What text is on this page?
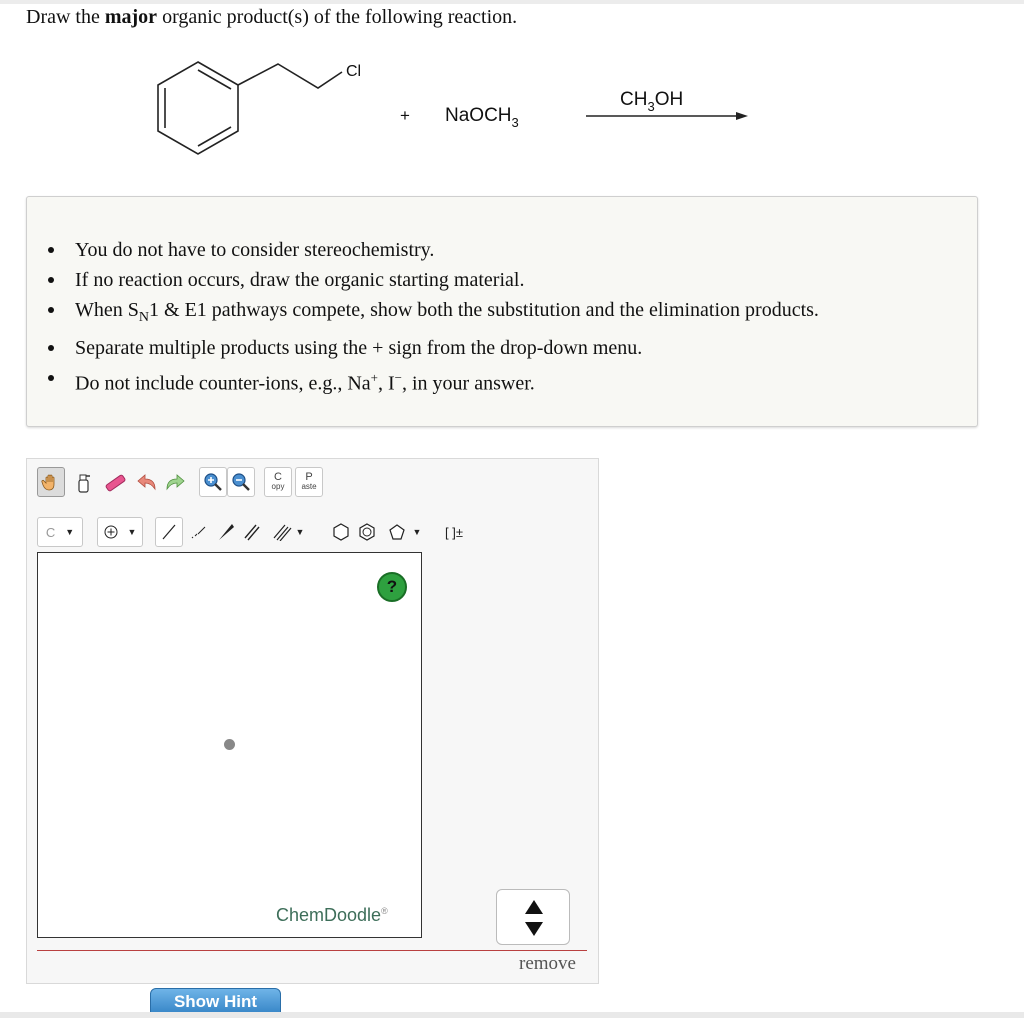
Draw the major organic product(s) of the following reaction.
Cl
+ NaOCH$_3$
$CH_3OH$
You do not have to consider stereochemistry.
If no reaction occurs, draw the organic starting material.
When $S_N1$ & E1 pathways compete, show both the substitution and the elimination products.
Separate multiple products using the + sign from the drop-down menu.
Do not include counter-ions, e.g., Na+, I−, in your answer.
C
opy
P
aste
C ▼	▼	▼	▼ [ ]±
?
ChemDoodle®
remove
Show Hint
